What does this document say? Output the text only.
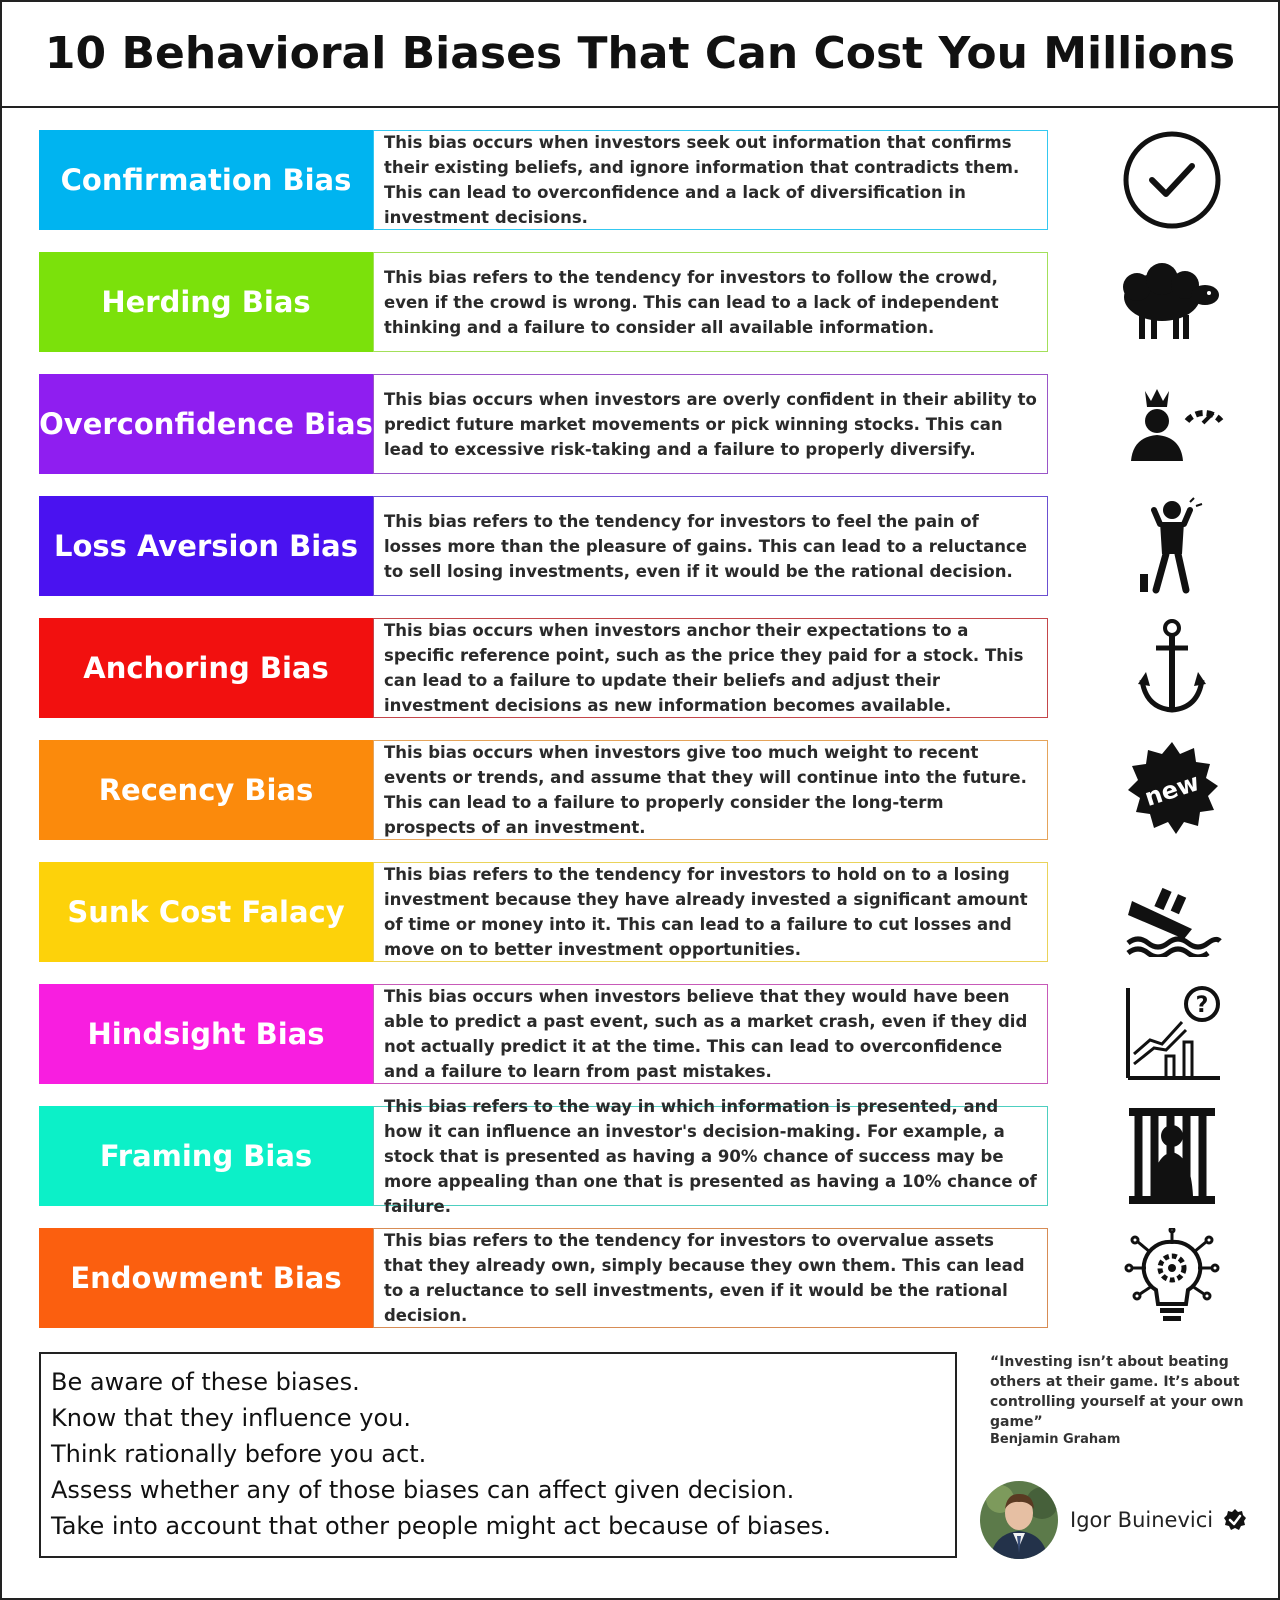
10 Behavioral Biases That Can Cost You Millions
Confirmation Bias
This bias occurs when investors seek out information that confirms their existing beliefs, and ignore information that contradicts them. This can lead to overconfidence and a lack of diversification in investment decisions.
Herding Bias
This bias refers to the tendency for investors to follow the crowd, even if the crowd is wrong. This can lead to a lack of independent thinking and a failure to consider all available information.
Overconfidence Bias
This bias occurs when investors are overly confident in their ability to predict future market movements or pick winning stocks. This can lead to excessive risk-taking and a failure to properly diversify.
Loss Aversion Bias
This bias refers to the tendency for investors to feel the pain of losses more than the pleasure of gains. This can lead to a reluctance to sell losing investments, even if it would be the rational decision.
Anchoring Bias
This bias occurs when investors anchor their expectations to a specific reference point, such as the price they paid for a stock. This can lead to a failure to update their beliefs and adjust their investment decisions as new information becomes available.
Recency Bias
This bias occurs when investors give too much weight to recent events or trends, and assume that they will continue into the future. This can lead to a failure to properly consider the long-term prospects of an investment.
new
Sunk Cost Falacy
This bias refers to the tendency for investors to hold on to a losing investment because they have already invested a significant amount of time or money into it. This can lead to a failure to cut losses and move on to better investment opportunities.
Hindsight Bias
This bias occurs when investors believe that they would have been able to predict a past event, such as a market crash, even if they did not actually predict it at the time. This can lead to overconfidence and a failure to learn from past mistakes.
?
Framing Bias
This bias refers to the way in which information is presented, and how it can influence an investor's decision-making. For example, a stock that is presented as having a 90% chance of success may be more appealing than one that is presented as having a 10% chance of failure.
Endowment Bias
This bias refers to the tendency for investors to overvalue assets that they already own, simply because they own them. This can lead to a reluctance to sell investments, even if it would be the rational decision.
Be aware of these biases.
Know that they influence you.
Think rationally before you act.
Assess whether any of those biases can affect given decision.
Take into account that other people might act because of biases.
“Investing isn’t about beating others at their game. It’s about controlling yourself at your own game”
Benjamin Graham
Igor Buinevici
